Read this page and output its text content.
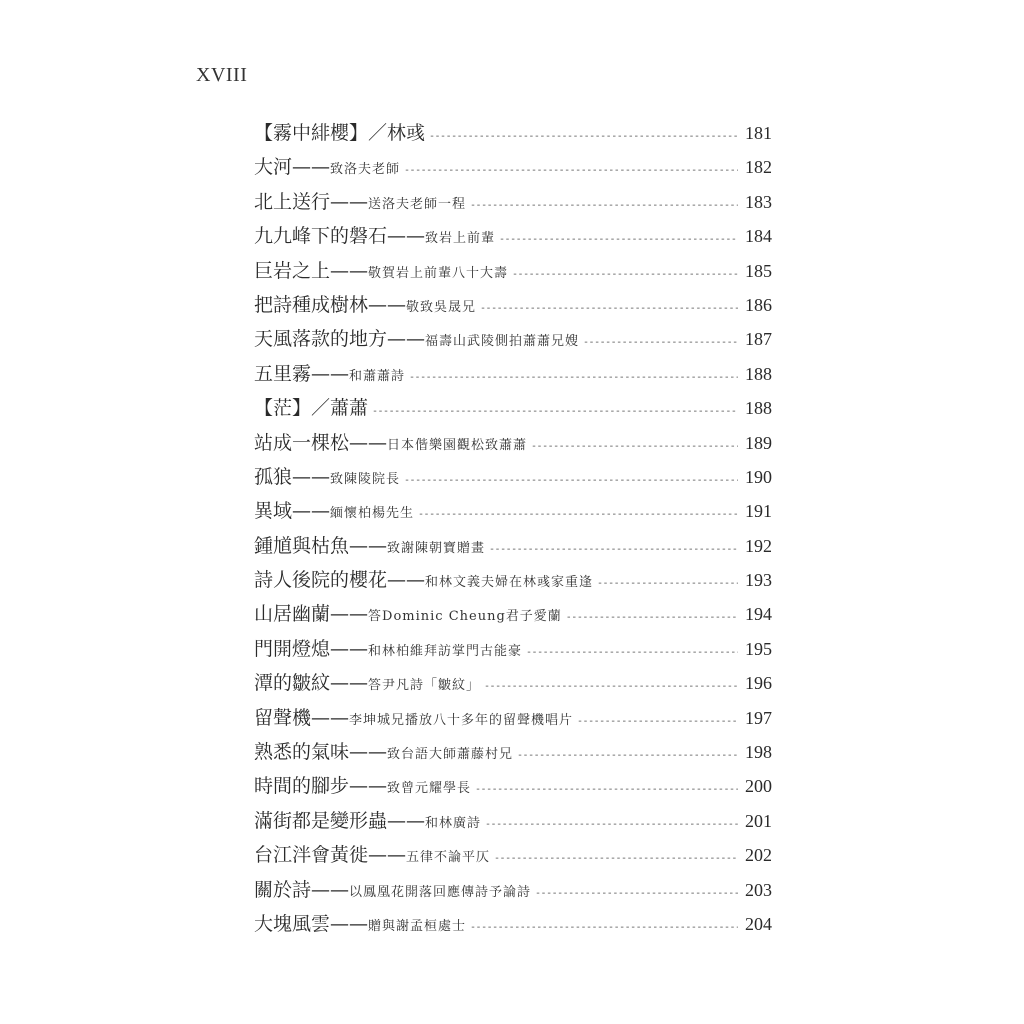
XVIII
【霧中緋櫻】／林彧 -----	181
大河—— 致洛夫老師 -----	182
北上送行—— 送洛夫老師一程 -----	183
九九峰下的磐石—— 致岩上前輩 -----	184
巨岩之上—— 敬賀岩上前輩八十大壽 -----	185
把詩種成樹林—— 敬致吳晟兄 -----	186
天風落款的地方—— 福壽山武陵側拍蕭蕭兄嫂 -----	187
五里霧—— 和蕭蕭詩 -----	188
【茫】／蕭蕭 -----	188
站成一棵松—— 日本偕樂園觀松致蕭蕭 -----	189
孤狼—— 致陳陵院長 -----	190
異域—— 緬懷柏楊先生 -----	191
鍾馗與枯魚—— 致謝陳朝寶贈畫 -----	192
詩人後院的櫻花—— 和林文義夫婦在林彧家重逢 -----	193
山居幽蘭—— 答Dominic Cheung君子愛蘭 -----	194
門開燈熄—— 和林柏維拜訪掌門古能豪 -----	195
潭的皺紋—— 答尹凡詩「皺紋」 -----	196
留聲機—— 李坤城兄播放八十多年的留聲機唱片 -----	197
熟悉的氣味—— 致台語大師蕭藤村兄 -----	198
時間的腳步—— 致曾元耀學長 -----	200
滿街都是變形蟲—— 和林廣詩 -----	201
台江泮會黃徙—— 五律不論平仄 -----	202
關於詩—— 以鳳凰花開落回應傳詩予論詩 -----	203
大塊風雲—— 贈與謝孟桓處士 -----	204
